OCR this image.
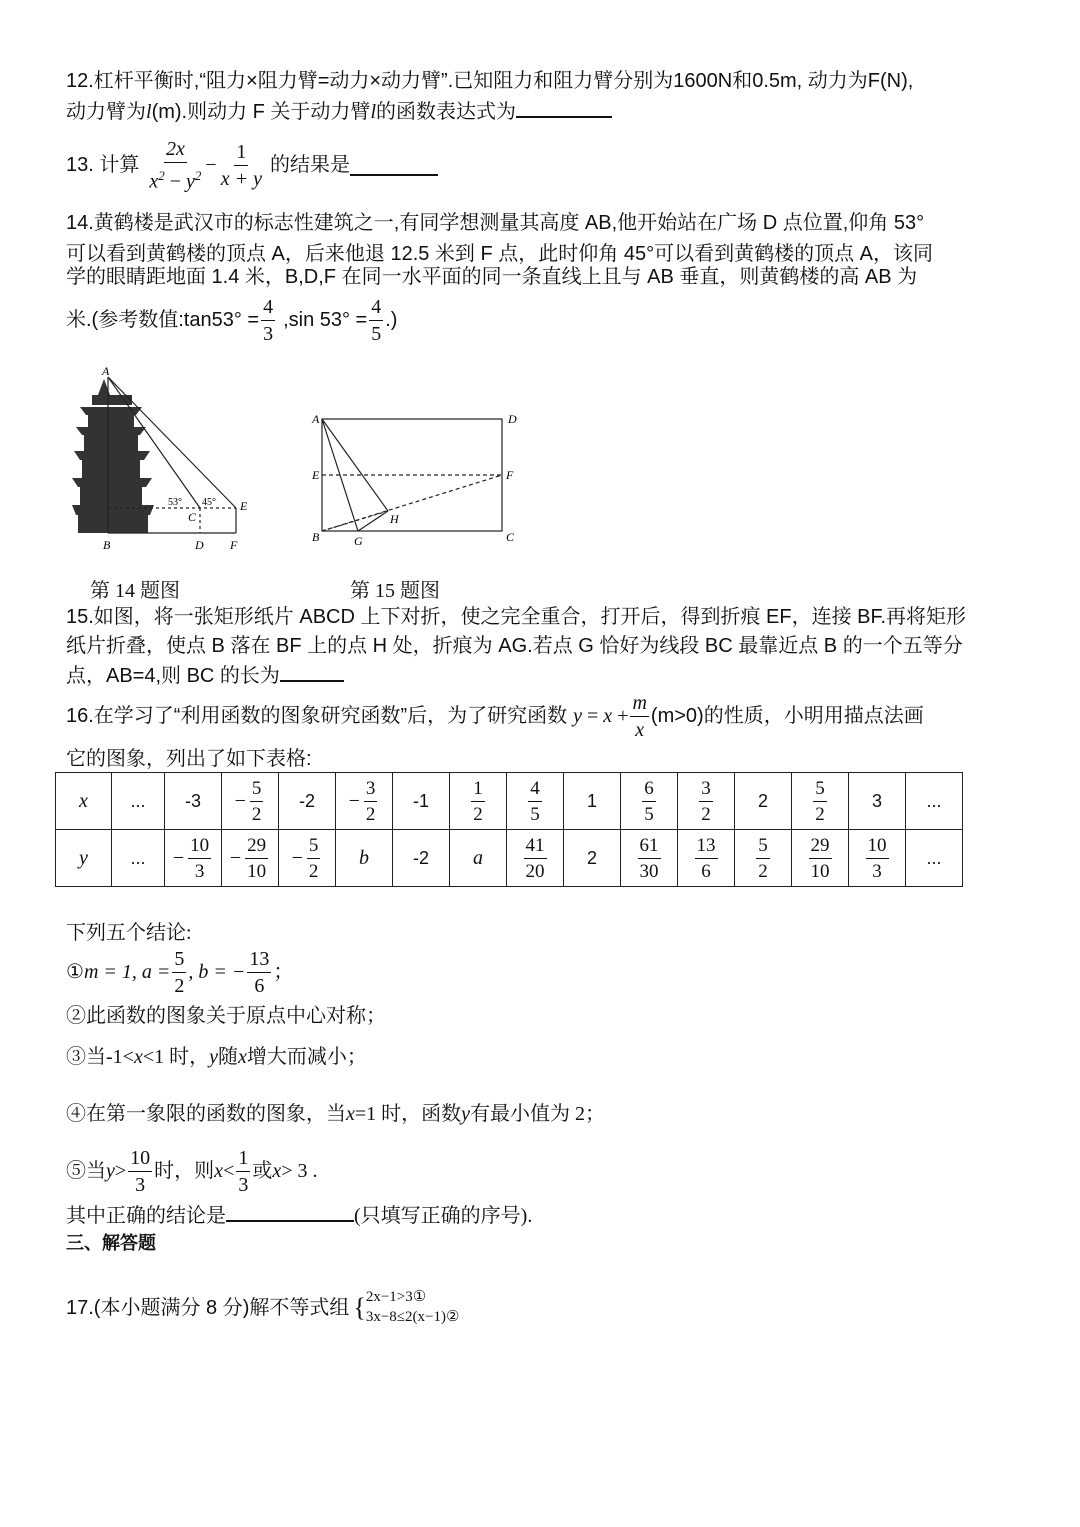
12.杠杆平衡时,“阻力×阻力臂=动力×动力臂”.已知阻力和阻力臂分别为1600N和0.5m, 动力为F(N),
动力臂为l(m).则动力 F 关于动力臂l的函数表达式为
13. 计算 $\frac{2x}{x^2 - y^2} - \frac{1}{x + y}$ 的结果是
14.黄鹤楼是武汉市的标志性建筑之一,有同学想测量其高度 AB,他开始站在广场 D 点位置,仰角 53°
可以看到黄鹤楼的顶点 A，后来他退 12.5 米到 F 点，此时仰角 45°可以看到黄鹤楼的顶点 A，该同
学的眼睛距地面 1.4 米，B,D,F 在同一水平面的同一条直线上且与 AB 垂直，则黄鹤楼的高 AB 为
米.(参考数值:tan53° = $\frac{4}{3} ,\sin$ $53^\circ = \frac{4}{5}$ .)
A
B
C
D
E
F
53° 45°
A	D
E	F
B	G
H
C
第 14 题图	第 15 题图
15.如图，将一张矩形纸片 ABCD 上下对折，使之完全重合，打开后，得到折痕 EF，连接 BF.再将矩形
纸片折叠，使点 B 落在 BF 上的点 H 处，折痕为 AG.若点 G 恰好为线段 BC 最靠近点 B 的一个五等分
点，AB=4,则 BC 的长为
16.在学习了“利用函数的图象研究函数”后，为了研究函数 $y = x + \frac{m}{x} (m>0)$的性质，小明用描点法画
它的图象，列出了如下表格:
x	...	-3	− $\frac{5}{2}$	-2	− $\frac{3}{2}$	-1	$\frac{1}{2}$	$\frac{4}{5}$	1	$\frac{6}{5}$	$\frac{3}{2}$	2	$\frac{5}{2}$	3	...
y	...	− $\frac{10}{3}$	− $\frac{29}{10}$	− $\frac{5}{2}$	b	-2	a	$\frac{41}{20}$	2	$\frac{61}{30}$	$\frac{13}{6}$	$\frac{5}{2}$	$\frac{29}{10}$	$\frac{10}{3}$	...
下列五个结论:
① m = 1, $a = \frac{5}{2}$ , b = − $\frac{13}{6}$ ；
②此函数的图象关于原点中心对称；
③当-1<x<1 时，y随x增大而减小；
④在第一象限的函数的图象，当x=1 时，函数y有最小值为 2；
⑤当 $y > \frac{10}{3}$ 时，则 $x < \frac{1}{3}$ 或 x > 3 .
其中正确的结论是	(只填写正确的序号).
三、解答题
17.(本小题满分 8 分)解不等式组 { 2x−1>3①
3x−8≤2(x−1)②
